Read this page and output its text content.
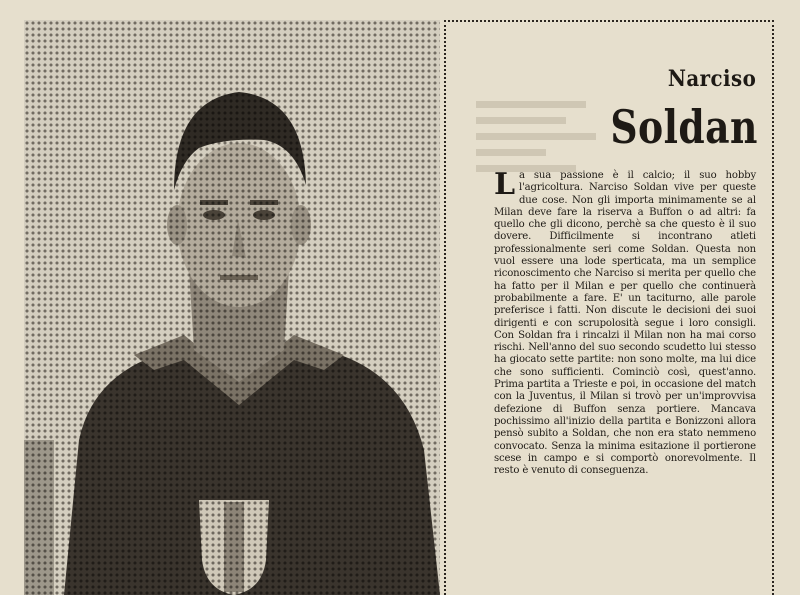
Narciso
Soldan
La sua passione è il calcio; il suo hobby l'agricoltura. Narciso Soldan vive per queste due cose. Non gli importa minimamente se al Milan deve fare la riserva a Buffon o ad altri: fa quello che gli dicono, perchè sa che questo è il suo dovere. Difficilmente si incontrano atleti professionalmente seri come Soldan. Questa non vuol essere una lode sperticata, ma un semplice riconoscimento che Narciso si merita per quello che ha fatto per il Milan e per quello che continuerà probabilmente a fare. E' un taciturno, alle parole preferisce i fatti. Non discute le decisioni dei suoi dirigenti e con scrupolosità segue i loro consigli. Con Soldan fra i rincalzi il Milan non ha mai corso rischi. Nell'anno del suo secondo scudetto lui stesso ha giocato sette partite: non sono molte, ma lui dice che sono sufficienti. Cominciò così, quest'anno. Prima partita a Trieste e poi, in occasione del match con la Juventus, il Milan si trovò per un'improvvisa defezione di Buffon senza portiere. Mancava pochissimo all'inizio della partita e Bonizzoni allora pensò subito a Soldan, che non era stato nemmeno convocato. Senza la minima esitazione il portierone scese in campo e si comportò onorevolmente. Il resto è venuto di conseguenza.
